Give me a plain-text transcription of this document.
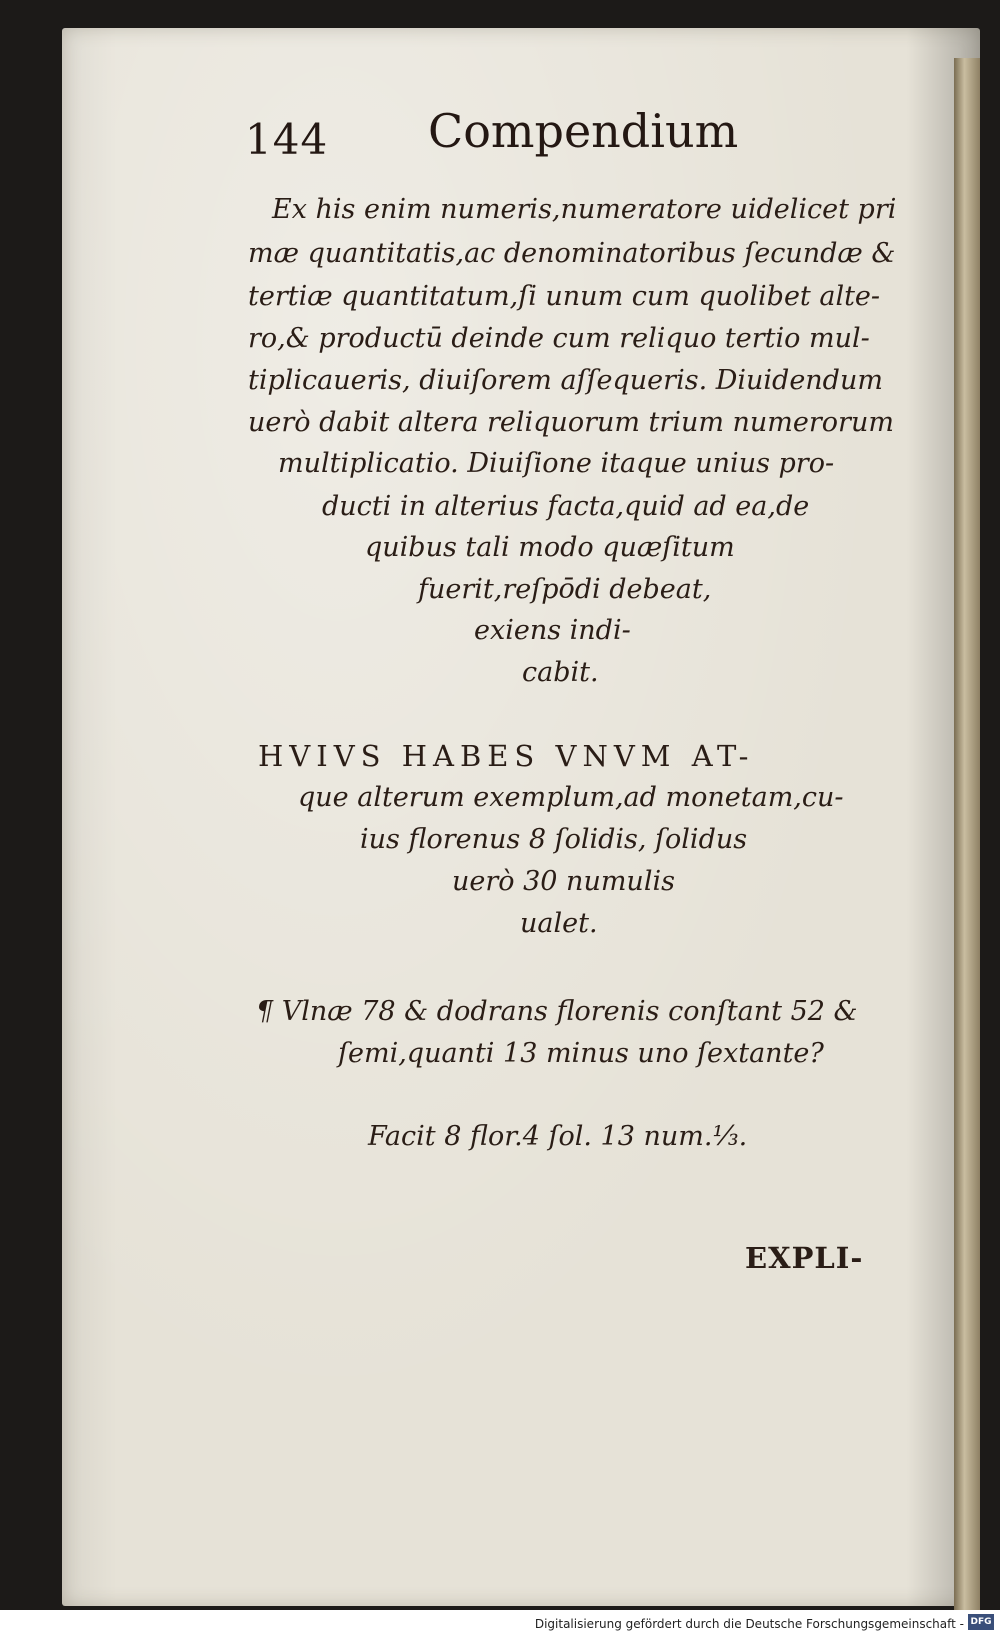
144 Compendium
Ex his enim numeris,numeratore uidelicet pri
mæ quantitatis,ac denominatoribus ſecundæ &
tertiæ quantitatum,ſi unum cum quolibet alte-
ro,& productū deinde cum reliquo tertio mul-
tiplicaueris, diuiſorem aſſequeris. Diuidendum
uerò dabit altera reliquorum trium numerorum
multiplicatio. Diuiſione itaque unius pro-
ducti in alterius facta,quid ad ea,de
quibus tali modo quæſitum
fuerit,reſpōdi debeat,
exiens indi-
cabit.
HVIVS HABES VNVM AT-
que alterum exemplum,ad monetam,cu-
ius florenus 8 ſolidis, ſolidus
uerò 30 numulis
ualet.
¶ Vlnæ 78 & dodrans florenis conſtant 52 &
ſemi,quanti 13 minus uno ſextante?
Facit 8 flor.4 ſol. 13 num.⅓.
EXPLI-
Digitalisierung gefördert durch die Deutsche Forschungsgemeinschaft - DFG
